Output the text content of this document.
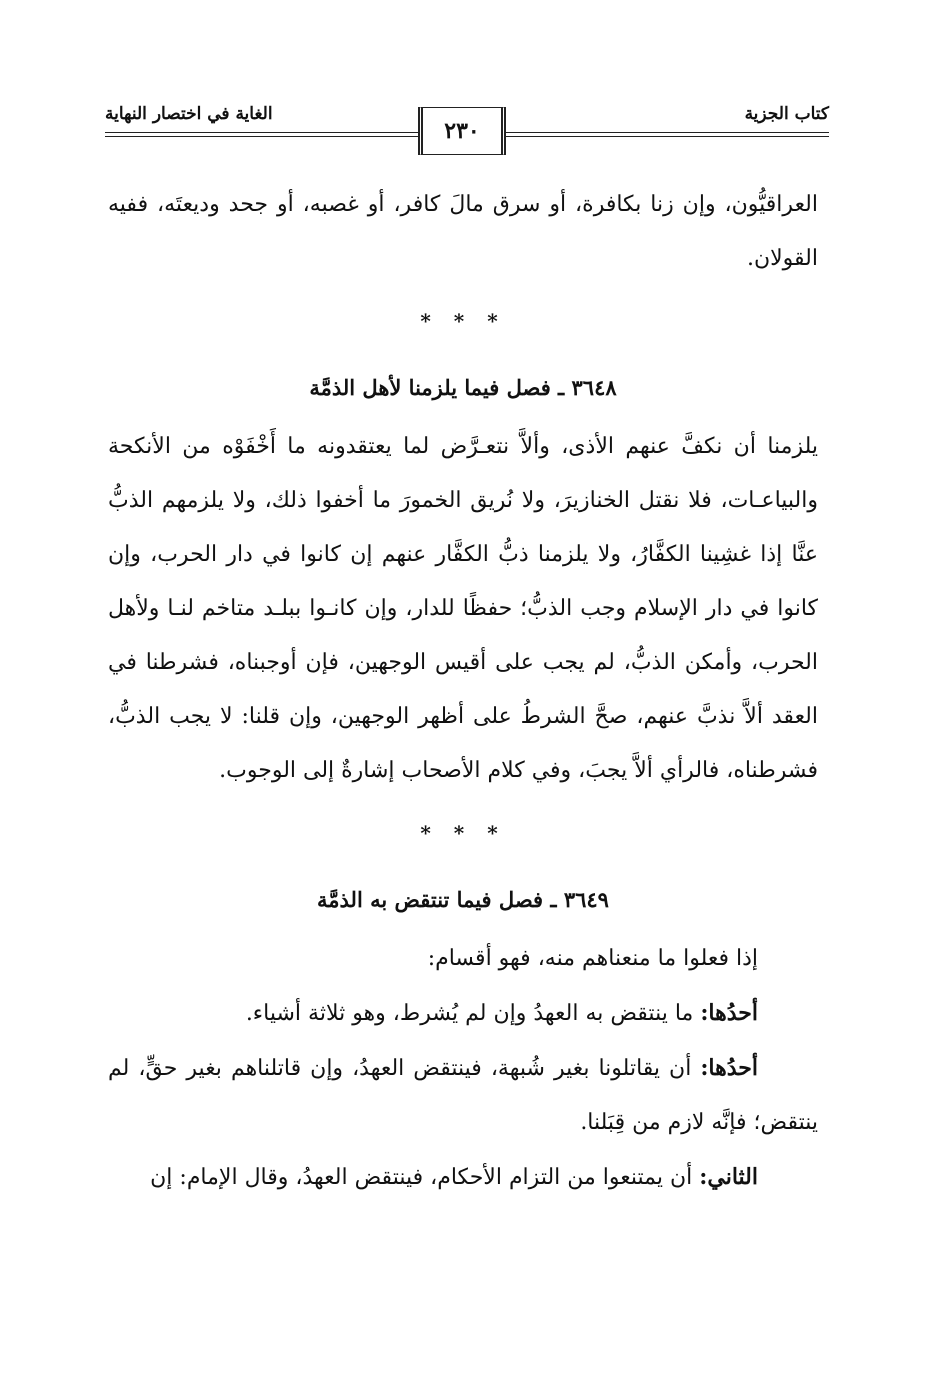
كتاب الجزية
الغاية في اختصار النهاية
٢٣٠

العراقيُّون، وإن زنا بكافرة، أو سرق مالَ كافر، أو غصبه، أو جحد وديعتَه، ففيه القولان.

* * *
٣٦٤٨ ـ فصل فيما يلزمنا لأهل الذمَّة

يلزمنا أن نكفَّ عنهم الأذى، وألاَّ نتعـرَّض لما يعتقدونه ما أَخْفَوْه من الأنكحة والبياعـات، فلا نقتل الخنازيرَ، ولا نُريق الخمورَ ما أخفوا ذلك، ولا يلزمهم الذبُّ عنَّا إذا غشِينا الكفَّارُ، ولا يلزمنا ذبُّ الكفَّار عنهم إن كانوا في دار الحرب، وإن كانوا في دار الإسلام وجب الذبُّ؛ حفظًا للدار، وإن كانـوا ببلـد متاخم لنـا ولأهل الحرب، وأمكن الذبُّ، لم يجب على أقيس الوجهين، فإن أوجبناه، فشرطنا في العقد ألاَّ نذبَّ عنهم، صحَّ الشرطُ على أظهر الوجهين، وإن قلنا: لا يجب الذبُّ، فشرطناه، فالرأي ألاَّ يجبَ، وفي كلام الأصحاب إشارةٌ إلى الوجوب.

* * *
٣٦٤٩ ـ فصل فيما تنتقض به الذمَّة

إذا فعلوا ما منعناهم منه، فهو أقسام:

أحدُها: ما ينتقض به العهدُ وإن لم يُشرط، وهو ثلاثة أشياء.

أحدُها: أن يقاتلونا بغير شُبهة، فينتقض العهدُ، وإن قاتلناهم بغير حقٍّ، لم ينتقض؛ فإنَّه لازم من قِبَلنا.

الثاني: أن يمتنعوا من التزام الأحكام، فينتقض العهدُ، وقال الإمام: إن
